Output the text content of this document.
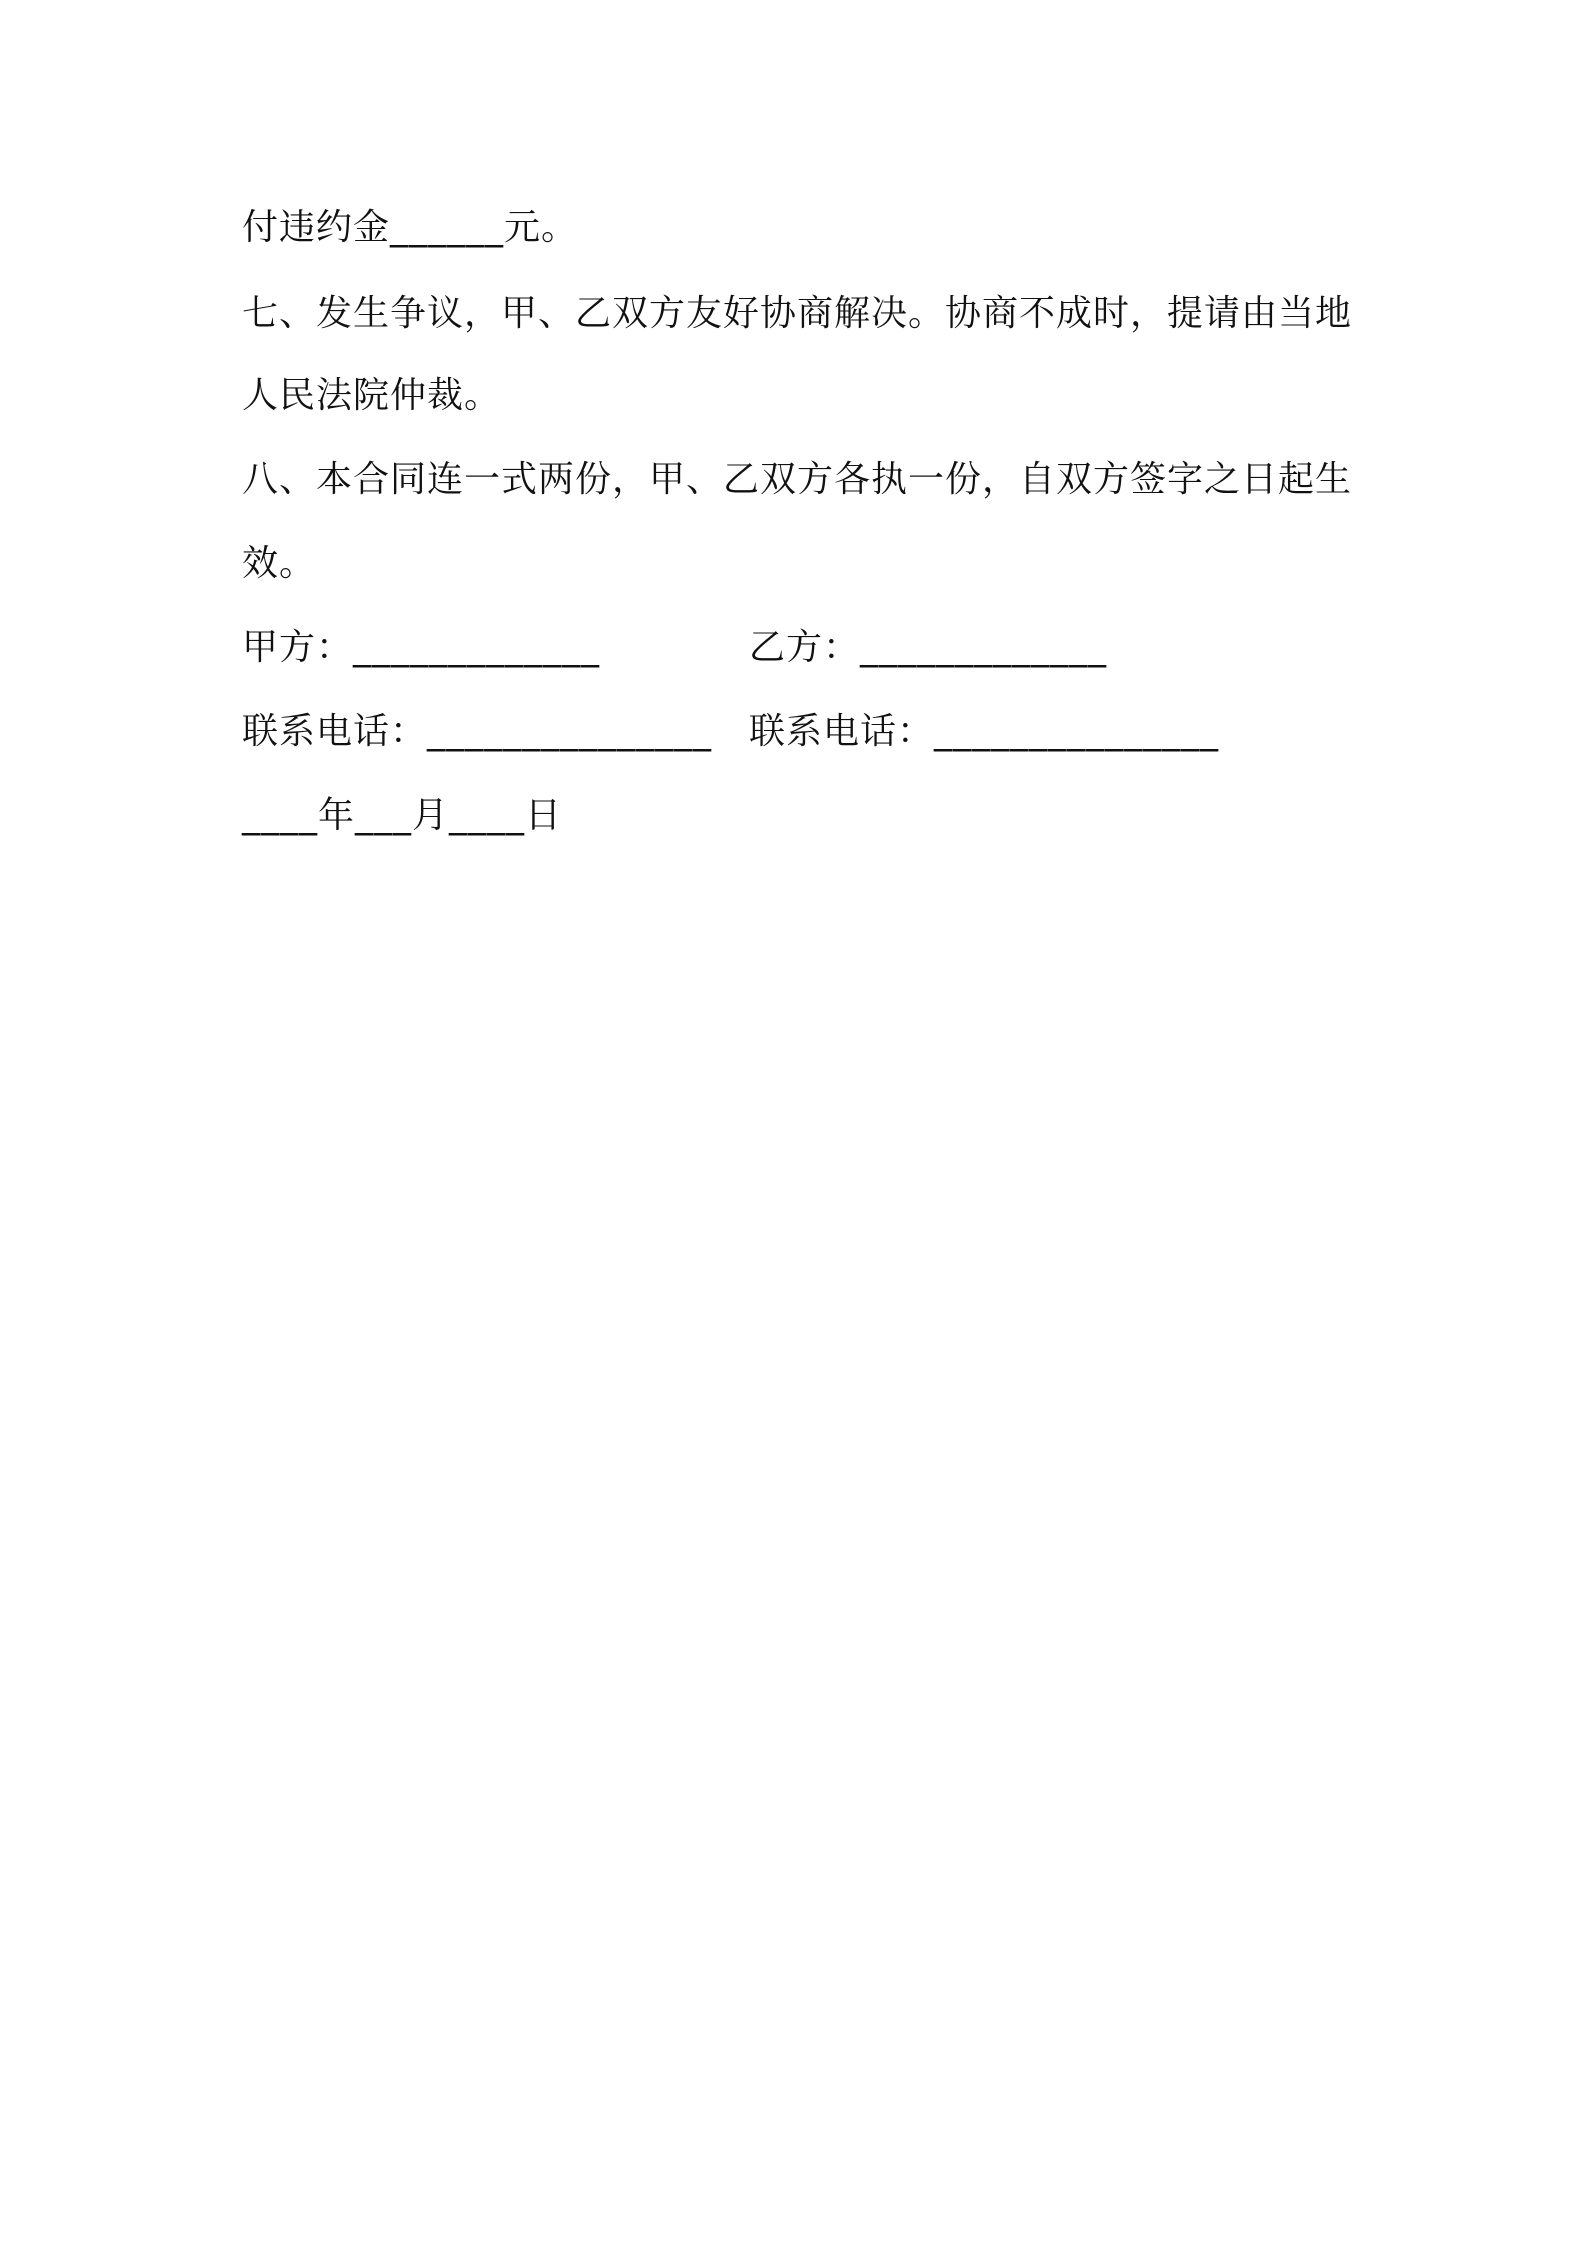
付违约金______元。
七、发生争议，甲、乙双方友好协商解决。协商不成时，提请由当地
人民法院仲裁。
八、本合同连一式两份，甲、乙双方各执一份，自双方签字之日起生
效。
甲方：_____________	乙方：_____________
联系电话：_______________ 联系电话：_______________
____年___月____日
